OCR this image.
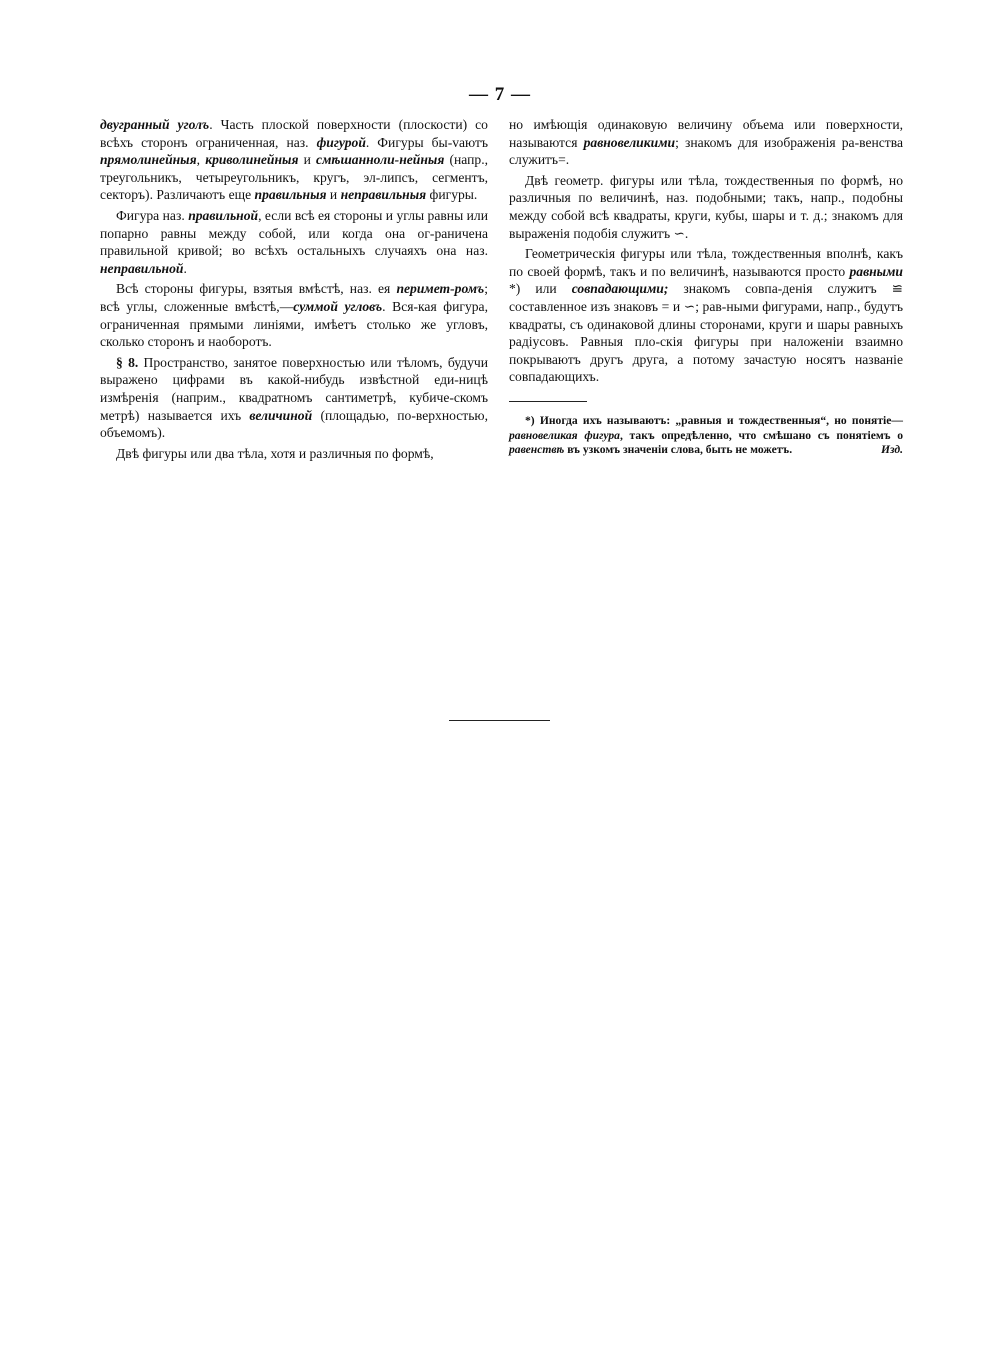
— 7 —

двугранный уголъ. Часть плоской поверхности (плоскости) со всѣхъ сторонъ ограниченная, наз. фигурой. Фигуры бы-vaютъ прямолинейныя, криволинейныя и смѣшанноли-нейныя (напр., треугольникъ, четыреугольникъ, кругъ, эл-липсъ, сегментъ, секторъ). Различаютъ еще правильныя и неправильныя фигуры.

Фигура наз. правильной, если всѣ ея стороны и углы равны или попарно равны между собой, или когда она ог-раничена правильной кривой; во всѣхъ остальныхъ случаяхъ она наз. неправильной.

Всѣ стороны фигуры, взятыя вмѣстѣ, наз. ея перимет-ромъ; всѣ углы, сложенные вмѣстѣ,—суммой угловъ. Вся-кая фигура, ограниченная прямыми линіями, имѣетъ столько же угловъ, сколько сторонъ и наоборотъ.

§ 8. Пространство, занятое поверхностью или тѣломъ, будучи выражено цифрами въ какой-нибудь извѣстной еди-ницѣ измѣренія (наприм., квадратномъ сантиметрѣ, кубиче-скомъ метрѣ) называется ихъ величиной (площадью, по-верхностью, объемомъ).

Двѣ фигуры или два тѣла, хотя и различныя по формѣ,

но имѣющія одинаковую величину объема или поверхности, называются равновеликими; знакомъ для изображенія ра-венства служитъ=.

Двѣ геометр. фигуры или тѣла, тождественныя по формѣ, но различныя по величинѣ, наз. подобными; такъ, напр., подобны между собой всѣ квадраты, круги, кубы, шары и т. д.; знакомъ для выраженія подобія служитъ ∽.

Геометрическія фигуры или тѣла, тождественныя вполнѣ, какъ по своей формѣ, такъ и по величинѣ, называются просто равными *) или совпадающими; знакомъ совпа-денія служитъ ≌ составленное изъ знаковъ = и ∽; рав-ными фигурами, напр., будутъ квадраты, съ одинаковой длины сторонами, круги и шары равныхъ радіусовъ. Равныя пло-скія фигуры при наложеніи взаимно покрываютъ другъ друга, а потому зачастую носятъ названіе совпадающихъ.

*) Иногда ихъ называютъ: „равныя и тождественныя“, но понятіе—равновеликая фигура, такъ опредѣленно, что смѣшано съ понятіемъ о равенствѣ въ узкомъ значеніи слова, быть не можетъ.	Изд.
